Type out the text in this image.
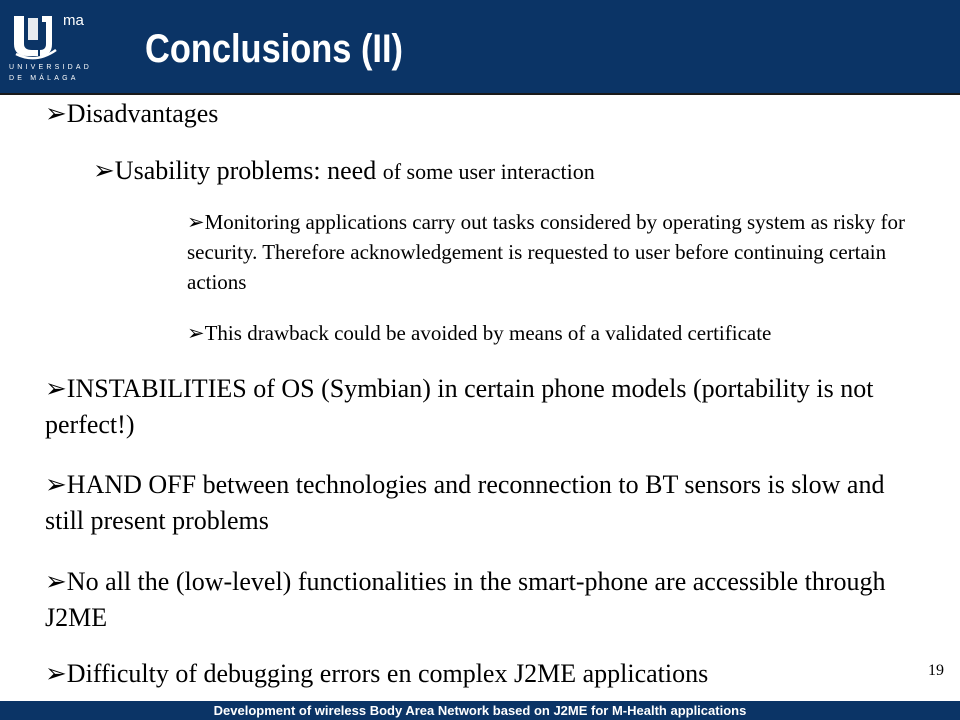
ma
UNIVERSIDAD
DE MÁLAGA
Conclusions (II)
➢Disadvantages
➢Usability problems: need of some user interaction
➢Monitoring applications carry out tasks considered by operating system as risky for security. Therefore acknowledgement is requested to user before continuing certain actions
➢This drawback could be avoided by means of a validated certificate
➢INSTABILITIES of OS (Symbian) in certain phone models (portability is not perfect!)
➢HAND OFF between technologies and reconnection to BT sensors is slow and still present problems
➢No all the (low-level) functionalities in the smart-phone are accessible through J2ME
➢Difficulty of debugging errors en complex J2ME applications	19
Development of wireless Body Area Network based on J2ME for M-Health applications
